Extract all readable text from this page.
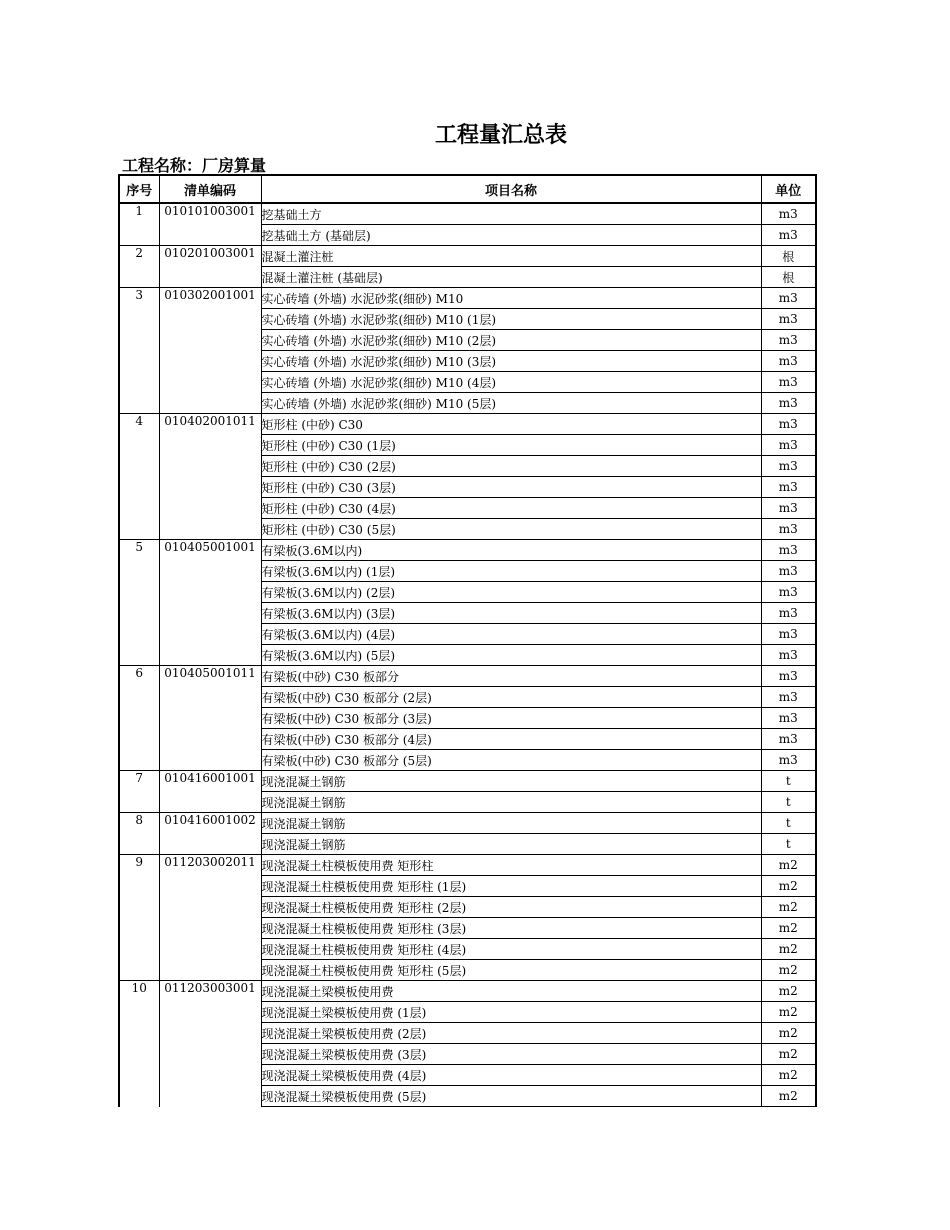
工程量汇总表
工程名称：厂房算量
序号	清单编码	项目名称	单位
1	010101003001	挖基础土方	m3
		挖基础土方 (基础层)	m3
2	010201003001	混凝土灌注桩	根
		混凝土灌注桩 (基础层)	根
3	010302001001	实心砖墙 (外墙) 水泥砂浆(细砂) M10	m3
		实心砖墙 (外墙) 水泥砂浆(细砂) M10 (1层)	m3
		实心砖墙 (外墙) 水泥砂浆(细砂) M10 (2层)	m3
		实心砖墙 (外墙) 水泥砂浆(细砂) M10 (3层)	m3
		实心砖墙 (外墙) 水泥砂浆(细砂) M10 (4层)	m3
		实心砖墙 (外墙) 水泥砂浆(细砂) M10 (5层)	m3
4	010402001011	矩形柱 (中砂) C30	m3
		矩形柱 (中砂) C30 (1层)	m3
		矩形柱 (中砂) C30 (2层)	m3
		矩形柱 (中砂) C30 (3层)	m3
		矩形柱 (中砂) C30 (4层)	m3
		矩形柱 (中砂) C30 (5层)	m3
5	010405001001	有梁板(3.6M以内)	m3
		有梁板(3.6M以内) (1层)	m3
		有梁板(3.6M以内) (2层)	m3
		有梁板(3.6M以内) (3层)	m3
		有梁板(3.6M以内) (4层)	m3
		有梁板(3.6M以内) (5层)	m3
6	010405001011	有梁板(中砂) C30 板部分	m3
		有梁板(中砂) C30 板部分 (2层)	m3
		有梁板(中砂) C30 板部分 (3层)	m3
		有梁板(中砂) C30 板部分 (4层)	m3
		有梁板(中砂) C30 板部分 (5层)	m3
7	010416001001	现浇混凝土钢筋	t
		现浇混凝土钢筋	t
8	010416001002	现浇混凝土钢筋	t
		现浇混凝土钢筋	t
9	011203002011	现浇混凝土柱模板使用费 矩形柱	m2
		现浇混凝土柱模板使用费 矩形柱 (1层)	m2
		现浇混凝土柱模板使用费 矩形柱 (2层)	m2
		现浇混凝土柱模板使用费 矩形柱 (3层)	m2
		现浇混凝土柱模板使用费 矩形柱 (4层)	m2
		现浇混凝土柱模板使用费 矩形柱 (5层)	m2
10	011203003001	现浇混凝土梁模板使用费	m2
		现浇混凝土梁模板使用费 (1层)	m2
		现浇混凝土梁模板使用费 (2层)	m2
		现浇混凝土梁模板使用费 (3层)	m2
		现浇混凝土梁模板使用费 (4层)	m2
		现浇混凝土梁模板使用费 (5层)	m2
